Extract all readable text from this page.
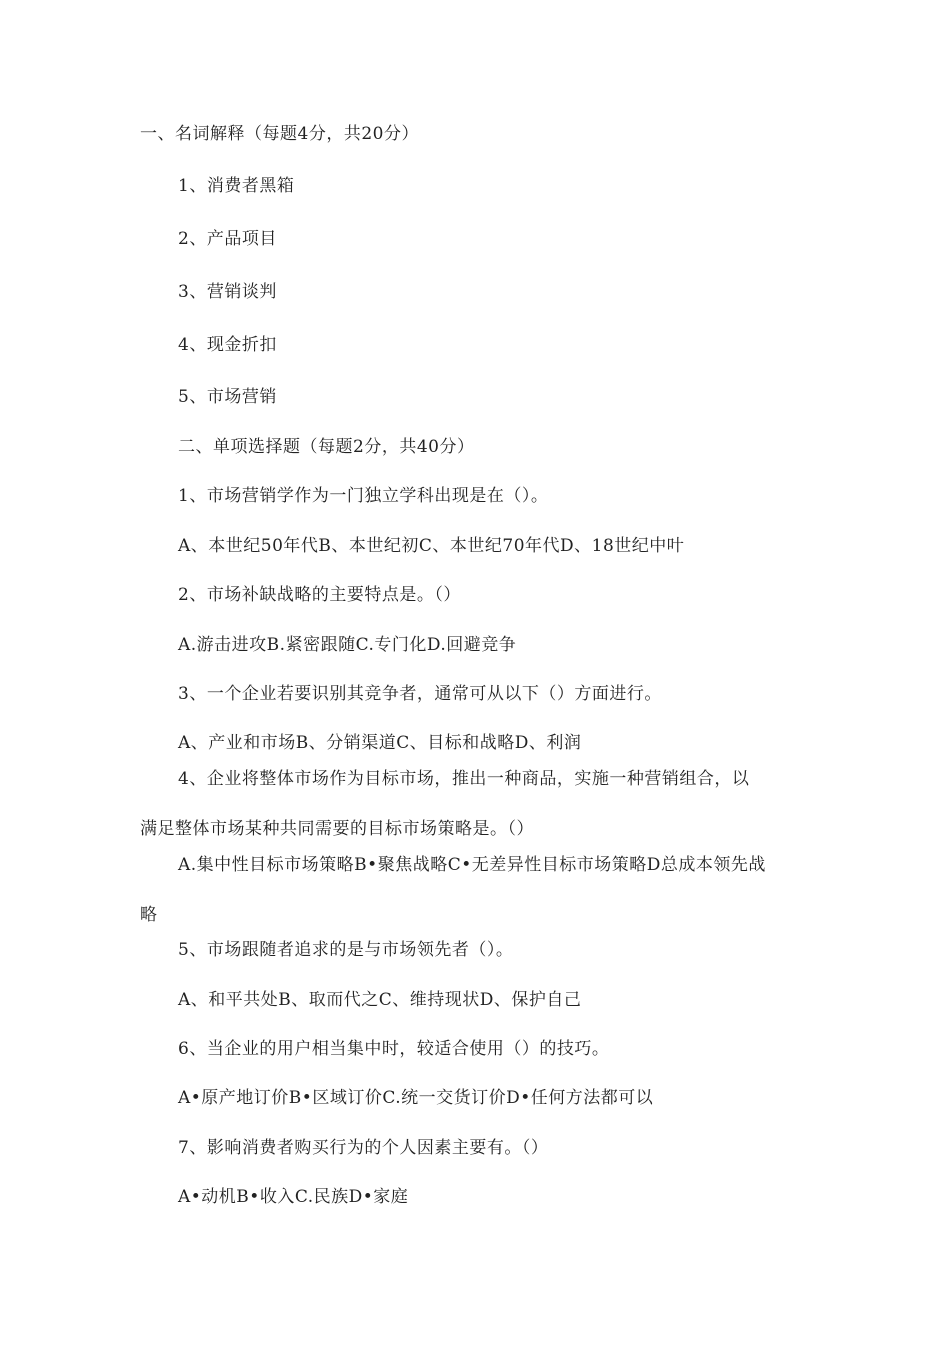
一、名词解释（每题4分，共20分）
1、消费者黑箱
2、产品项目
3、营销谈判
4、现金折扣
5、市场营销
二、单项选择题（每题2分，共40分）
1、市场营销学作为一门独立学科出现是在（）。
A、本世纪50年代B、本世纪初C、本世纪70年代D、18世纪中叶
2、市场补缺战略的主要特点是。（）
A.游击进攻B.紧密跟随C.专门化D.回避竞争
3、一个企业若要识别其竞争者，通常可从以下（）方面进行。
A、产业和市场B、分销渠道C、目标和战略D、利润
4、企业将整体市场作为目标市场，推出一种商品，实施一种营销组合，以
满足整体市场某种共同需要的目标市场策略是。（）
A.集中性目标市场策略B•聚焦战略C•无差异性目标市场策略D总成本领先战
略
5、市场跟随者追求的是与市场领先者（）。
A、和平共处B、取而代之C、维持现状D、保护自己
6、当企业的用户相当集中时，较适合使用（）的技巧。
A•原产地订价B•区域订价C.统一交货订价D•任何方法都可以
7、影响消费者购买行为的个人因素主要有。（）
A•动机B•收入C.民族D•家庭
